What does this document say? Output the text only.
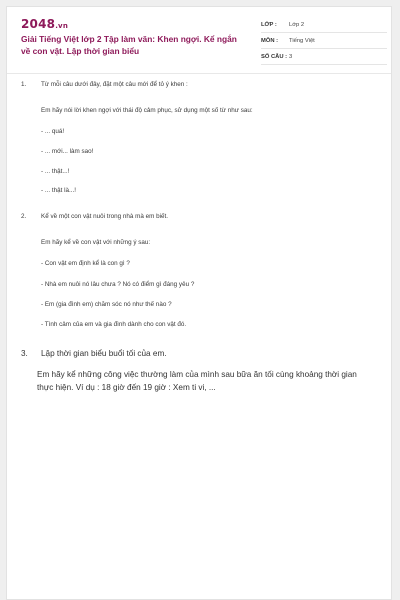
2048.vn
Giải Tiếng Việt lớp 2 Tập làm văn: Khen ngợi. Kể ngắn về con vật. Lập thời gian biểu
LỚP :	Lớp 2
MÔN :	Tiếng Việt
SỐ CÂU : 3
1.	Từ mỗi câu dưới đây, đặt một câu mới để tỏ ý khen :
Em hãy nói lời khen ngợi với thái độ cảm phục, sử dụng một số từ như sau:
- ... quá!
- ... mới... làm sao!
- ... thật...!
- ... thật là...!
2.	Kể về một con vật nuôi trong nhà mà em biết.
Em hãy kể về con vật với những ý sau:
- Con vật em định kể là con gì ?
- Nhà em nuôi nó lâu chưa ? Nó có điểm gì đáng yêu ?
- Em (gia đình em) chăm sóc nó như thế nào ?
- Tình cảm của em và gia đình dành cho con vật đó.
3.	Lập thời gian biểu buổi tối của em.
Em hãy kể những công việc thường làm của mình sau bữa ăn tối cùng khoảng thời gian thực hiện. Ví dụ : 18 giờ đến 19 giờ : Xem ti vi, ...
